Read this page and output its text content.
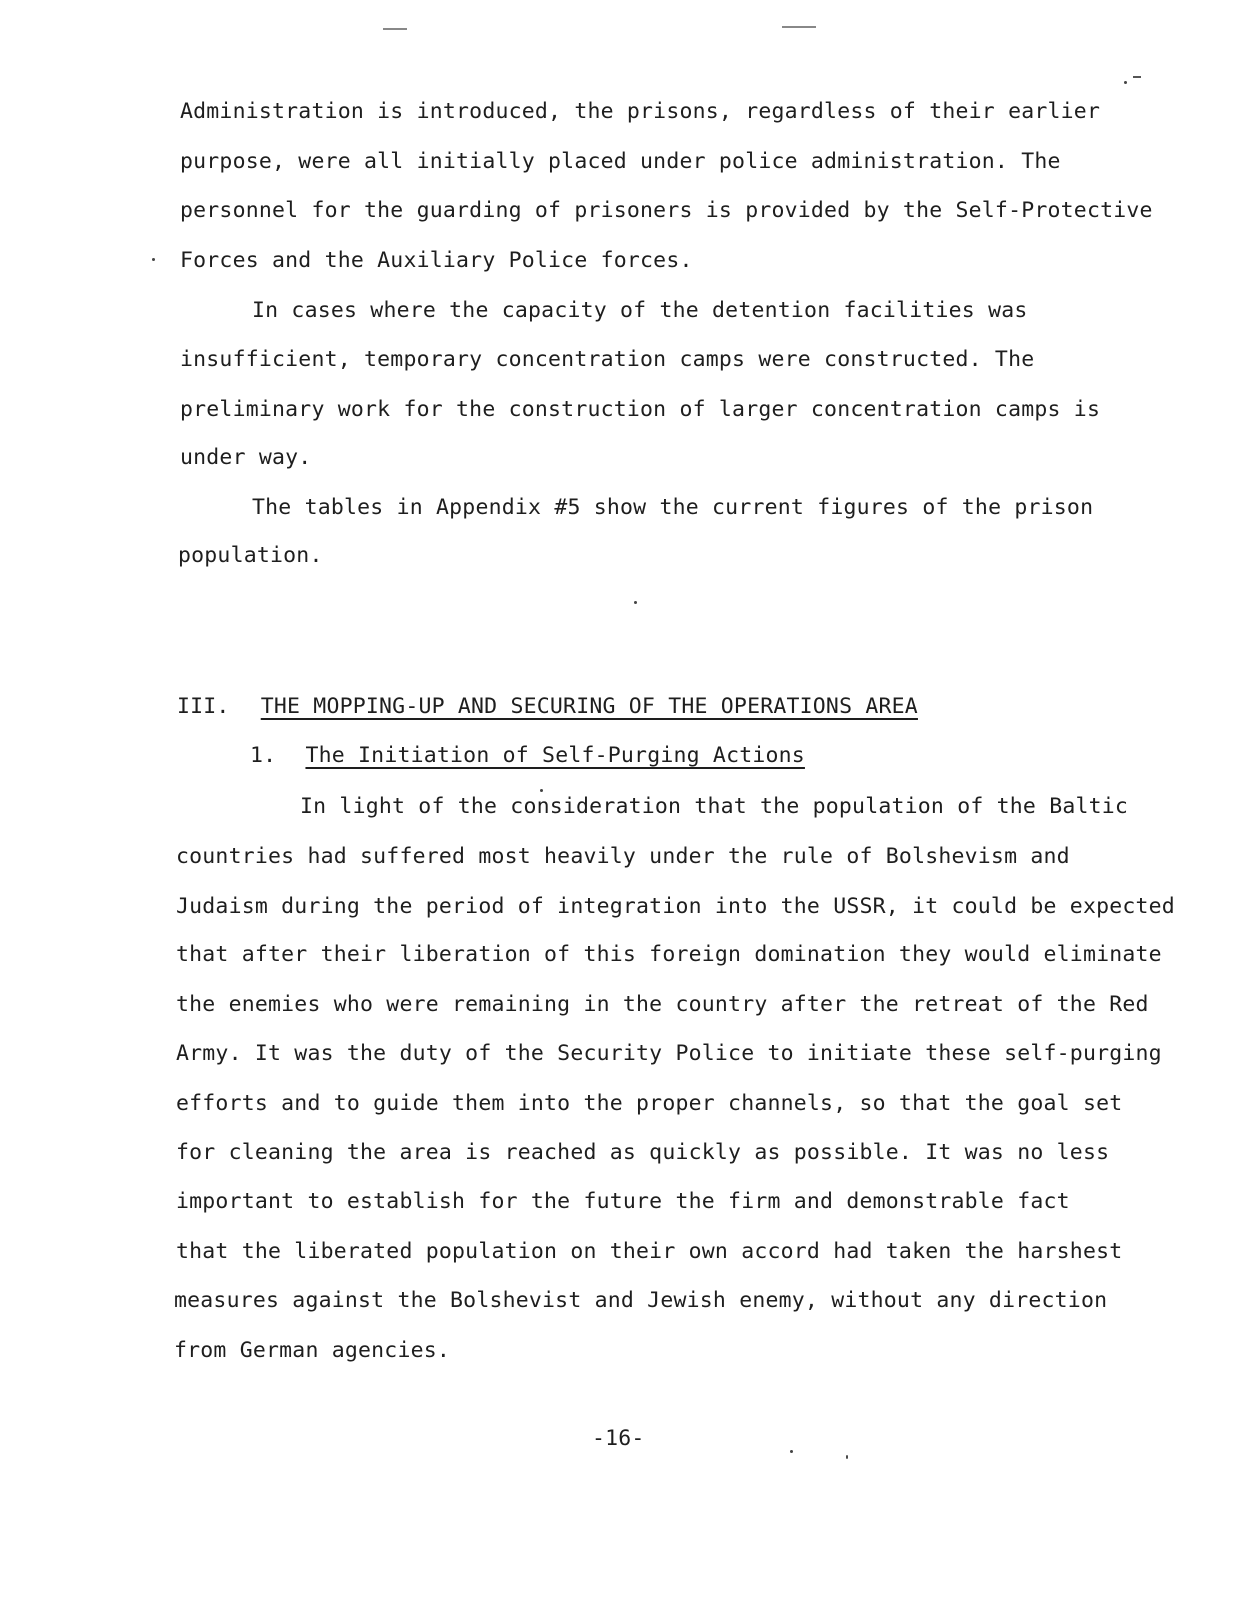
Administration is introduced, the prisons, regardless of their earlier
purpose, were all initially placed under police administration. The
personnel for the guarding of prisoners is provided by the Self-Protective
Forces and the Auxiliary Police forces.
In cases where the capacity of the detention facilities was
insufficient, temporary concentration camps were constructed. The
preliminary work for the construction of larger concentration camps is
under way.
The tables in Appendix #5 show the current figures of the prison
population.
III. THE MOPPING-UP AND SECURING OF THE OPERATIONS AREA
1. The Initiation of Self-Purging Actions
In light of the consideration that the population of the Baltic
countries had suffered most heavily under the rule of Bolshevism and
Judaism during the period of integration into the USSR, it could be expected
that after their liberation of this foreign domination they would eliminate
the enemies who were remaining in the country after the retreat of the Red
Army. It was the duty of the Security Police to initiate these self-purging
efforts and to guide them into the proper channels, so that the goal set
for cleaning the area is reached as quickly as possible. It was no less
important to establish for the future the firm and demonstrable fact
that the liberated population on their own accord had taken the harshest
measures against the Bolshevist and Jewish enemy, without any direction
from German agencies.
-16-
